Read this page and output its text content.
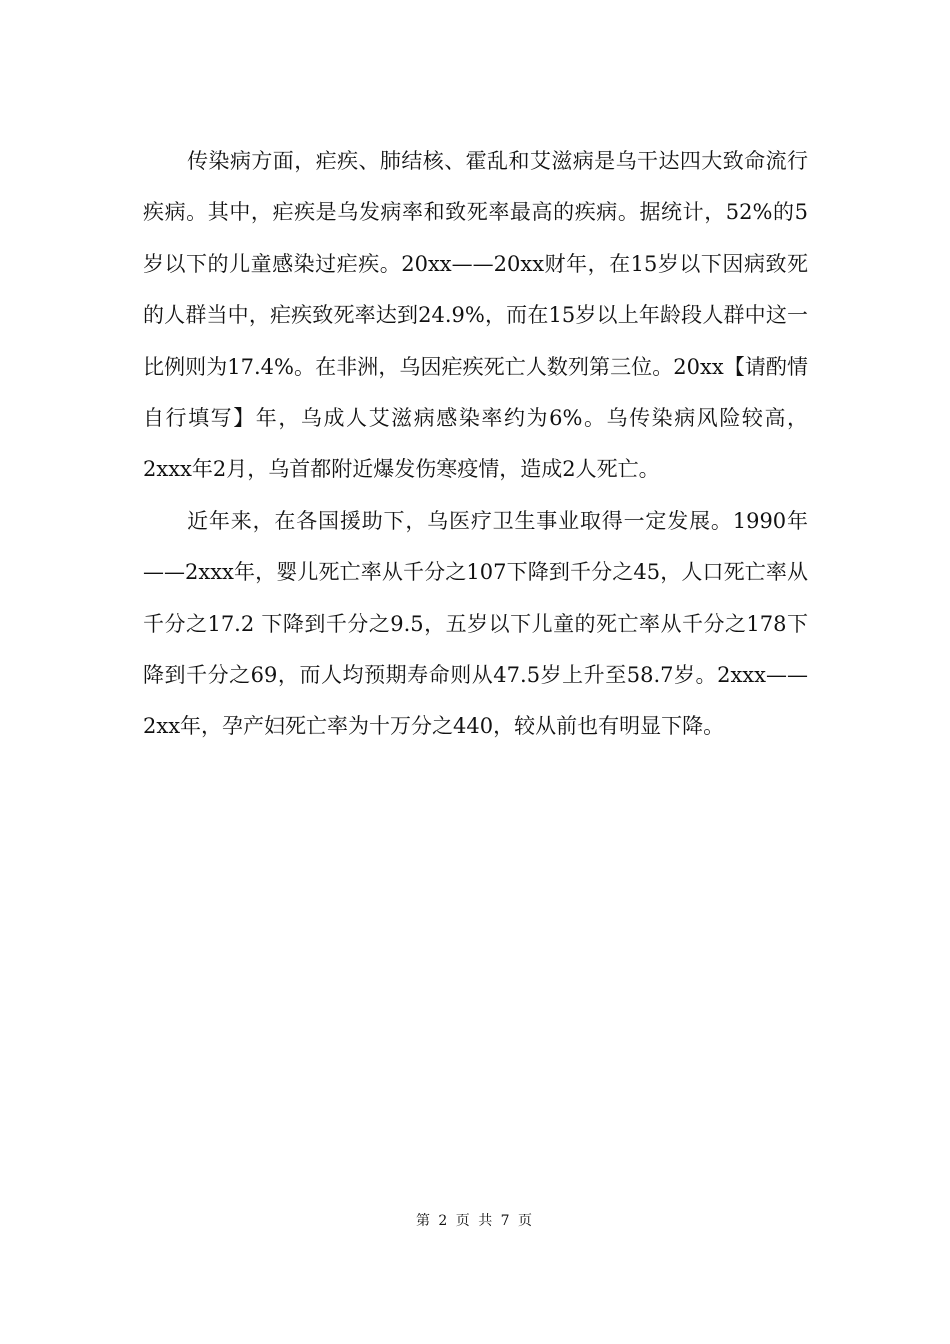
传染病方面，疟疾、肺结核、霍乱和艾滋病是乌干达四大致命流行疾病。其中，疟疾是乌发病率和致死率最高的疾病。据统计，52%的5岁以下的儿童感染过疟疾。20xx——20xx财年，在15岁以下因病致死的人群当中，疟疾致死率达到24.9%，而在15岁以上年龄段人群中这一比例则为17.4%。在非洲，乌因疟疾死亡人数列第三位。20xx【请酌情自行填写】年，乌成人艾滋病感染率约为6%。乌传染病风险较高， 2xxx年2月，乌首都附近爆发伤寒疫情，造成2人死亡。

近年来，在各国援助下，乌医疗卫生事业取得一定发展。1990年——2xxx年，婴儿死亡率从千分之107下降到千分之45，人口死亡率从千分之17.2 下降到千分之9.5，五岁以下儿童的死亡率从千分之178下降到千分之69，而人均预期寿命则从47.5岁上升至58.7岁。2xxx——2xx年，孕产妇死亡率为十万分之440，较从前也有明显下降。

第 2 页 共 7 页
